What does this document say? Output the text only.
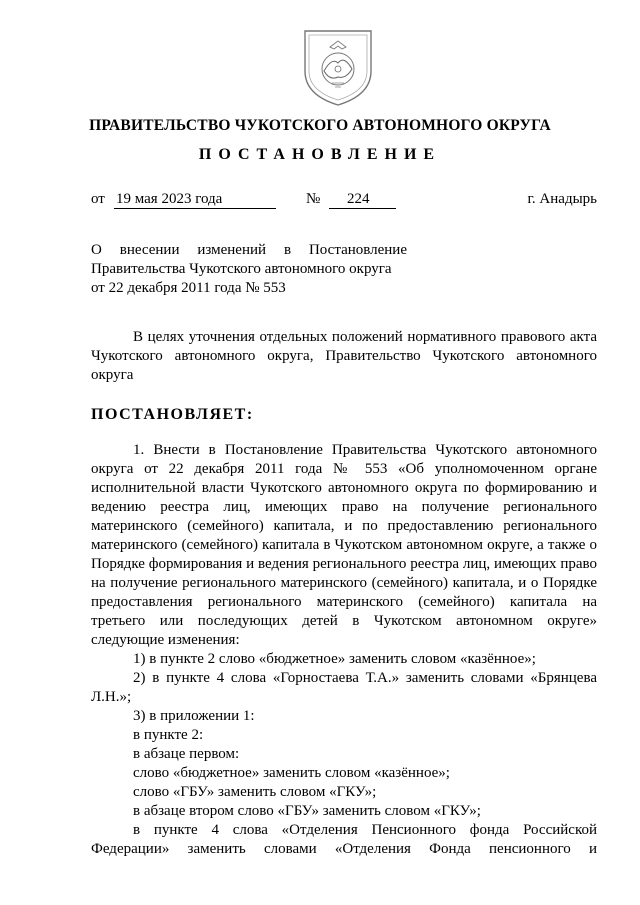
ПРАВИТЕЛЬСТВО ЧУКОТСКОГО АВТОНОМНОГО ОКРУГА
ПОСТАНОВЛЕНИЕ
от 19 мая 2023 года	№	224	г. Анадырь

О внесении изменений в Постановление

Правительства Чукотского автономного округа

от 22 декабря 2011 года № 553

В целях уточнения отдельных положений нормативного правового акта Чукотского автономного округа, Правительство Чукотского автономного округа

ПОСТАНОВЛЯЕТ:

1. Внести в Постановление Правительства Чукотского автономного округа от 22 декабря 2011 года № 553 «Об уполномоченном органе исполнительной власти Чукотского автономного округа по формированию и ведению реестра лиц, имеющих право на получение регионального материнского (семейного) капитала, и по предоставлению регионального материнского (семейного) капитала в Чукотском автономном округе, а также о Порядке формирования и ведения регионального реестра лиц, имеющих право на получение регионального материнского (семейного) капитала, и о Порядке предоставления регионального материнского (семейного) капитала на третьего или последующих детей в Чукотском автономном округе» следующие изменения:

1) в пункте 2 слово «бюджетное» заменить словом «казённое»;

2) в пункте 4 слова «Горностаева Т.А.» заменить словами «Брянцева Л.Н.»;

3) в приложении 1:

в пункте 2:

в абзаце первом:

слово «бюджетное» заменить словом «казённое»;

слово «ГБУ» заменить словом «ГКУ»;

в абзаце втором слово «ГБУ» заменить словом «ГКУ»;

в пункте 4 слова «Отделения Пенсионного фонда Российской Федерации» заменить словами «Отделения Фонда пенсионного и
